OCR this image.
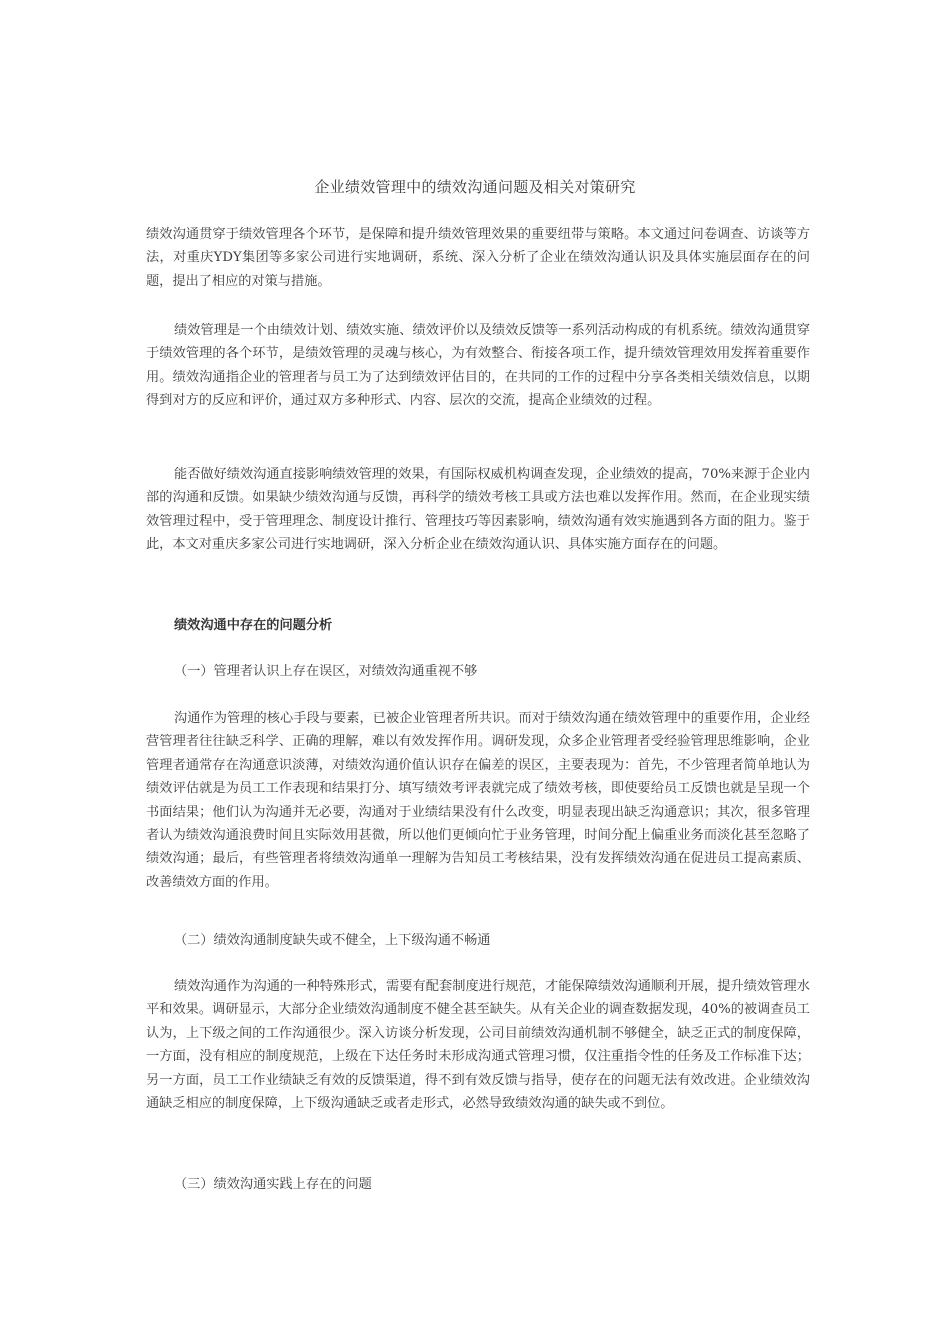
企业绩效管理中的绩效沟通问题及相关对策研究

绩效沟通贯穿于绩效管理各个环节，是保障和提升绩效管理效果的重要纽带与策略。本文通过问卷调查、访谈等方法，对重庆YDY集团等多家公司进行实地调研，系统、深入分析了企业在绩效沟通认识及具体实施层面存在的问题，提出了相应的对策与措施。

绩效管理是一个由绩效计划、绩效实施、绩效评价以及绩效反馈等一系列活动构成的有机系统。绩效沟通贯穿于绩效管理的各个环节，是绩效管理的灵魂与核心，为有效整合、衔接各项工作，提升绩效管理效用发挥着重要作用。绩效沟通指企业的管理者与员工为了达到绩效评估目的，在共同的工作的过程中分享各类相关绩效信息，以期得到对方的反应和评价，通过双方多种形式、内容、层次的交流，提高企业绩效的过程。

能否做好绩效沟通直接影响绩效管理的效果，有国际权威机构调查发现，企业绩效的提高，70%来源于企业内部的沟通和反馈。如果缺少绩效沟通与反馈，再科学的绩效考核工具或方法也难以发挥作用。然而，在企业现实绩效管理过程中，受于管理理念、制度设计推行、管理技巧等因素影响，绩效沟通有效实施遇到各方面的阻力。鉴于此，本文对重庆多家公司进行实地调研，深入分析企业在绩效沟通认识、具体实施方面存在的问题。

绩效沟通中存在的问题分析
（一）管理者认识上存在误区，对绩效沟通重视不够

沟通作为管理的核心手段与要素，已被企业管理者所共识。而对于绩效沟通在绩效管理中的重要作用，企业经营管理者往往缺乏科学、正确的理解，难以有效发挥作用。调研发现，众多企业管理者受经验管理思维影响，企业管理者通常存在沟通意识淡薄，对绩效沟通价值认识存在偏差的误区，主要表现为：首先，不少管理者简单地认为绩效评估就是为员工工作表现和结果打分、填写绩效考评表就完成了绩效考核，即使要给员工反馈也就是呈现一个书面结果；他们认为沟通并无必要，沟通对于业绩结果没有什么改变，明显表现出缺乏沟通意识；其次，很多管理者认为绩效沟通浪费时间且实际效用甚微，所以他们更倾向忙于业务管理，时间分配上偏重业务而淡化甚至忽略了绩效沟通；最后，有些管理者将绩效沟通单一理解为告知员工考核结果，没有发挥绩效沟通在促进员工提高素质、改善绩效方面的作用。

（二）绩效沟通制度缺失或不健全，上下级沟通不畅通

绩效沟通作为沟通的一种特殊形式，需要有配套制度进行规范，才能保障绩效沟通顺利开展，提升绩效管理水平和效果。调研显示，大部分企业绩效沟通制度不健全甚至缺失。从有关企业的调查数据发现，40%的被调查员工认为，上下级之间的工作沟通很少。深入访谈分析发现，公司目前绩效沟通机制不够健全，缺乏正式的制度保障，一方面，没有相应的制度规范，上级在下达任务时未形成沟通式管理习惯，仅注重指令性的任务及工作标准下达；另一方面，员工工作业绩缺乏有效的反馈渠道，得不到有效反馈与指导，使存在的问题无法有效改进。企业绩效沟通缺乏相应的制度保障，上下级沟通缺乏或者走形式，必然导致绩效沟通的缺失或不到位。

（三）绩效沟通实践上存在的问题
